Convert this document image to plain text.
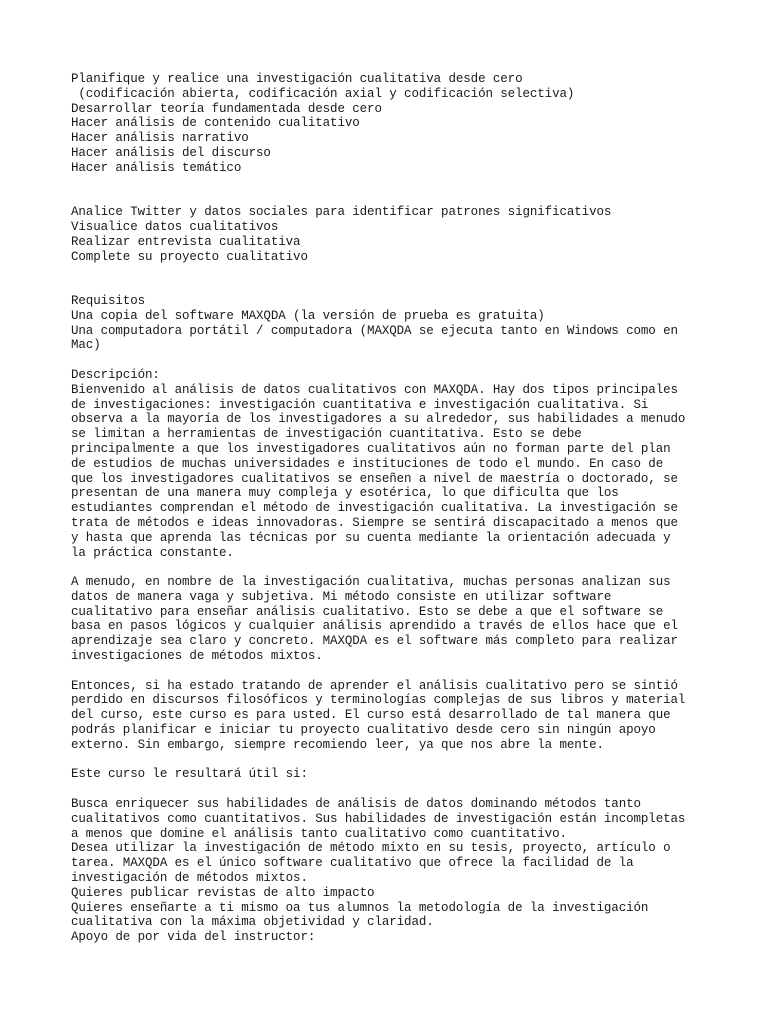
Planifique y realice una investigación cualitativa desde cero
(codificación abierta, codificación axial y codificación selectiva)
Desarrollar teoría fundamentada desde cero
Hacer análisis de contenido cualitativo
Hacer análisis narrativo
Hacer análisis del discurso
Hacer análisis temático
Analice Twitter y datos sociales para identificar patrones significativos
Visualice datos cualitativos
Realizar entrevista cualitativa
Complete su proyecto cualitativo
Requisitos
Una copia del software MAXQDA (la versión de prueba es gratuita)
Una computadora portátil / computadora (MAXQDA se ejecuta tanto en Windows como en
Mac)
Descripción:
Bienvenido al análisis de datos cualitativos con MAXQDA. Hay dos tipos principales
de investigaciones: investigación cuantitativa e investigación cualitativa. Si
observa a la mayoría de los investigadores a su alrededor, sus habilidades a menudo
se limitan a herramientas de investigación cuantitativa. Esto se debe
principalmente a que los investigadores cualitativos aún no forman parte del plan
de estudios de muchas universidades e instituciones de todo el mundo. En caso de
que los investigadores cualitativos se enseñen a nivel de maestría o doctorado, se
presentan de una manera muy compleja y esotérica, lo que dificulta que los
estudiantes comprendan el método de investigación cualitativa. La investigación se
trata de métodos e ideas innovadoras. Siempre se sentirá discapacitado a menos que
y hasta que aprenda las técnicas por su cuenta mediante la orientación adecuada y
la práctica constante.
A menudo, en nombre de la investigación cualitativa, muchas personas analizan sus
datos de manera vaga y subjetiva. Mi método consiste en utilizar software
cualitativo para enseñar análisis cualitativo. Esto se debe a que el software se
basa en pasos lógicos y cualquier análisis aprendido a través de ellos hace que el
aprendizaje sea claro y concreto. MAXQDA es el software más completo para realizar
investigaciones de métodos mixtos.
Entonces, si ha estado tratando de aprender el análisis cualitativo pero se sintió
perdido en discursos filosóficos y terminologías complejas de sus libros y material
del curso, este curso es para usted. El curso está desarrollado de tal manera que
podrás planificar e iniciar tu proyecto cualitativo desde cero sin ningún apoyo
externo. Sin embargo, siempre recomiendo leer, ya que nos abre la mente.
Este curso le resultará útil si:
Busca enriquecer sus habilidades de análisis de datos dominando métodos tanto
cualitativos como cuantitativos. Sus habilidades de investigación están incompletas
a menos que domine el análisis tanto cualitativo como cuantitativo.
Desea utilizar la investigación de método mixto en su tesis, proyecto, artículo o
tarea. MAXQDA es el único software cualitativo que ofrece la facilidad de la
investigación de métodos mixtos.
Quieres publicar revistas de alto impacto
Quieres enseñarte a ti mismo oa tus alumnos la metodología de la investigación
cualitativa con la máxima objetividad y claridad.
Apoyo de por vida del instructor:
